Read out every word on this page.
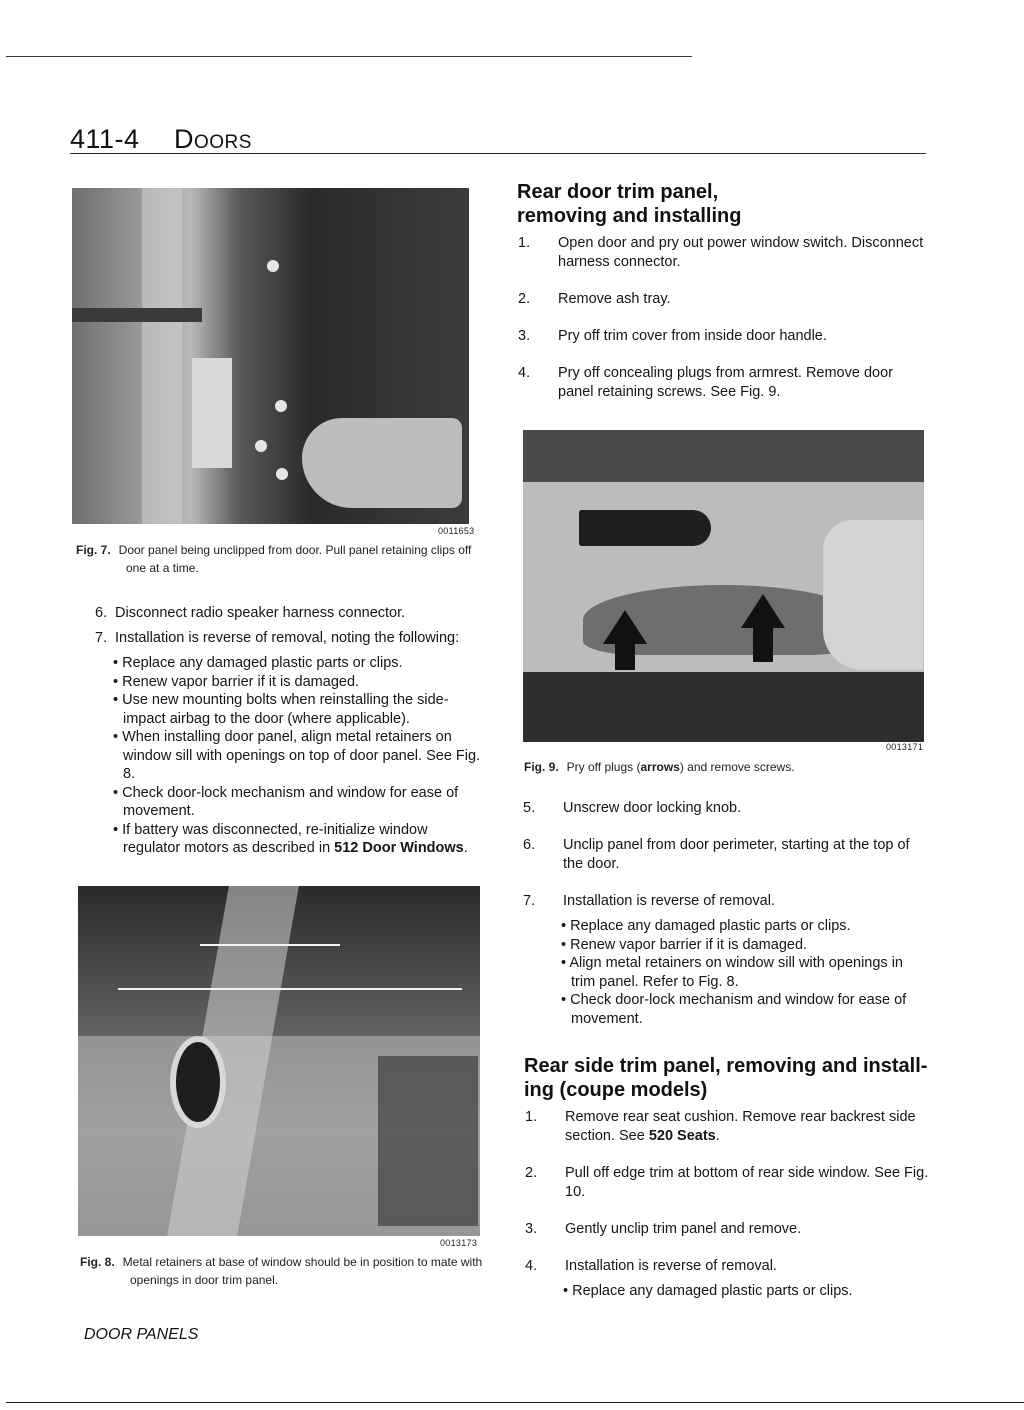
411-4 Doors
0011653
Fig. 7. Door panel being unclipped from door. Pull panel retaining clips off one at a time.
6. Disconnect radio speaker harness connector.
7. Installation is reverse of removal, noting the following:
• Replace any damaged plastic parts or clips.
• Renew vapor barrier if it is damaged.
• Use new mounting bolts when reinstalling the side-impact airbag to the door (where applicable).
• When installing door panel, align metal retainers on window sill with openings on top of door panel. See Fig. 8.
• Check door-lock mechanism and window for ease of movement.
• If battery was disconnected, re-initialize window regulator motors as described in 512 Door Windows.
0013173
Fig. 8. Metal retainers at base of window should be in position to mate with openings in door trim panel.
DOOR PANELS
Rear door trim panel,
removing and installing
1. Open door and pry out power window switch. Disconnect harness connector.
2. Remove ash tray.
3. Pry off trim cover from inside door handle.
4. Pry off concealing plugs from armrest. Remove door panel retaining screws. See Fig. 9.
0013171
Fig. 9. Pry off plugs (arrows) and remove screws.
5. Unscrew door locking knob.
6. Unclip panel from door perimeter, starting at the top of the door.
7. Installation is reverse of removal.
• Replace any damaged plastic parts or clips.
• Renew vapor barrier if it is damaged.
• Align metal retainers on window sill with openings in trim panel. Refer to Fig. 8.
• Check door-lock mechanism and window for ease of movement.
Rear side trim panel, removing and install-
ing (coupe models)
1. Remove rear seat cushion. Remove rear backrest side section. See 520 Seats.
2. Pull off edge trim at bottom of rear side window. See Fig. 10.
3. Gently unclip trim panel and remove.
4. Installation is reverse of removal.
• Replace any damaged plastic parts or clips.
